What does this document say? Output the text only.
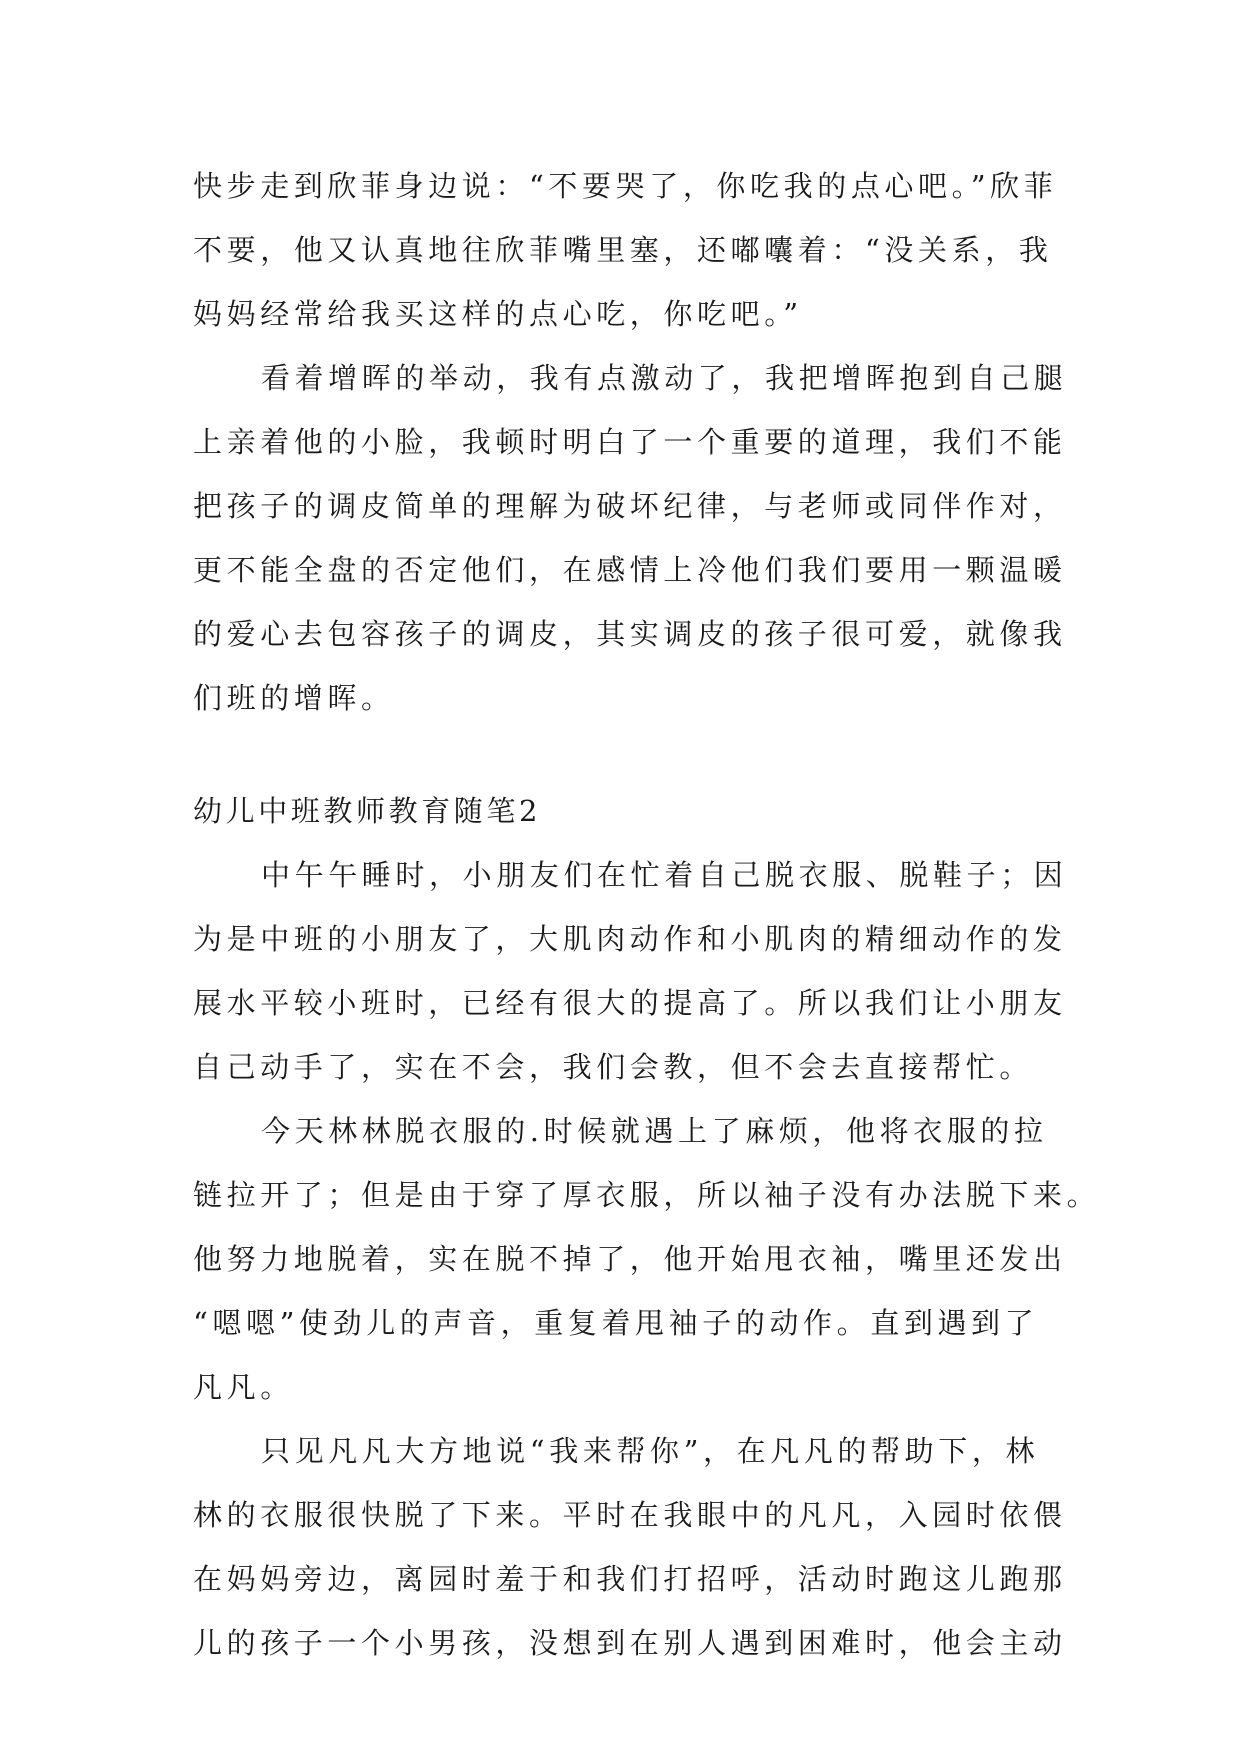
快步走到欣菲身边说：“不要哭了，你吃我的点心吧。”欣菲
不要，他又认真地往欣菲嘴里塞，还嘟囔着：“没关系，我
妈妈经常给我买这样的点心吃，你吃吧。”
看着增晖的举动，我有点激动了，我把增晖抱到自己腿
上亲着他的小脸，我顿时明白了一个重要的道理，我们不能
把孩子的调皮简单的理解为破坏纪律，与老师或同伴作对，
更不能全盘的否定他们，在感情上冷他们我们要用一颗温暖
的爱心去包容孩子的调皮，其实调皮的孩子很可爱，就像我
们班的增晖。
幼儿中班教师教育随笔2
中午午睡时，小朋友们在忙着自己脱衣服、脱鞋子；因
为是中班的小朋友了，大肌肉动作和小肌肉的精细动作的发
展水平较小班时，已经有很大的提高了。所以我们让小朋友
自己动手了，实在不会，我们会教，但不会去直接帮忙。
今天林林脱衣服的.时候就遇上了麻烦，他将衣服的拉
链拉开了；但是由于穿了厚衣服，所以袖子没有办法脱下来。
他努力地脱着，实在脱不掉了，他开始甩衣袖，嘴里还发出
“嗯嗯”使劲儿的声音，重复着甩袖子的动作。直到遇到了
凡凡。
只见凡凡大方地说“我来帮你”，在凡凡的帮助下，林
林的衣服很快脱了下来。平时在我眼中的凡凡，入园时依偎
在妈妈旁边，离园时羞于和我们打招呼，活动时跑这儿跑那
儿的孩子一个小男孩，没想到在别人遇到困难时，他会主动
